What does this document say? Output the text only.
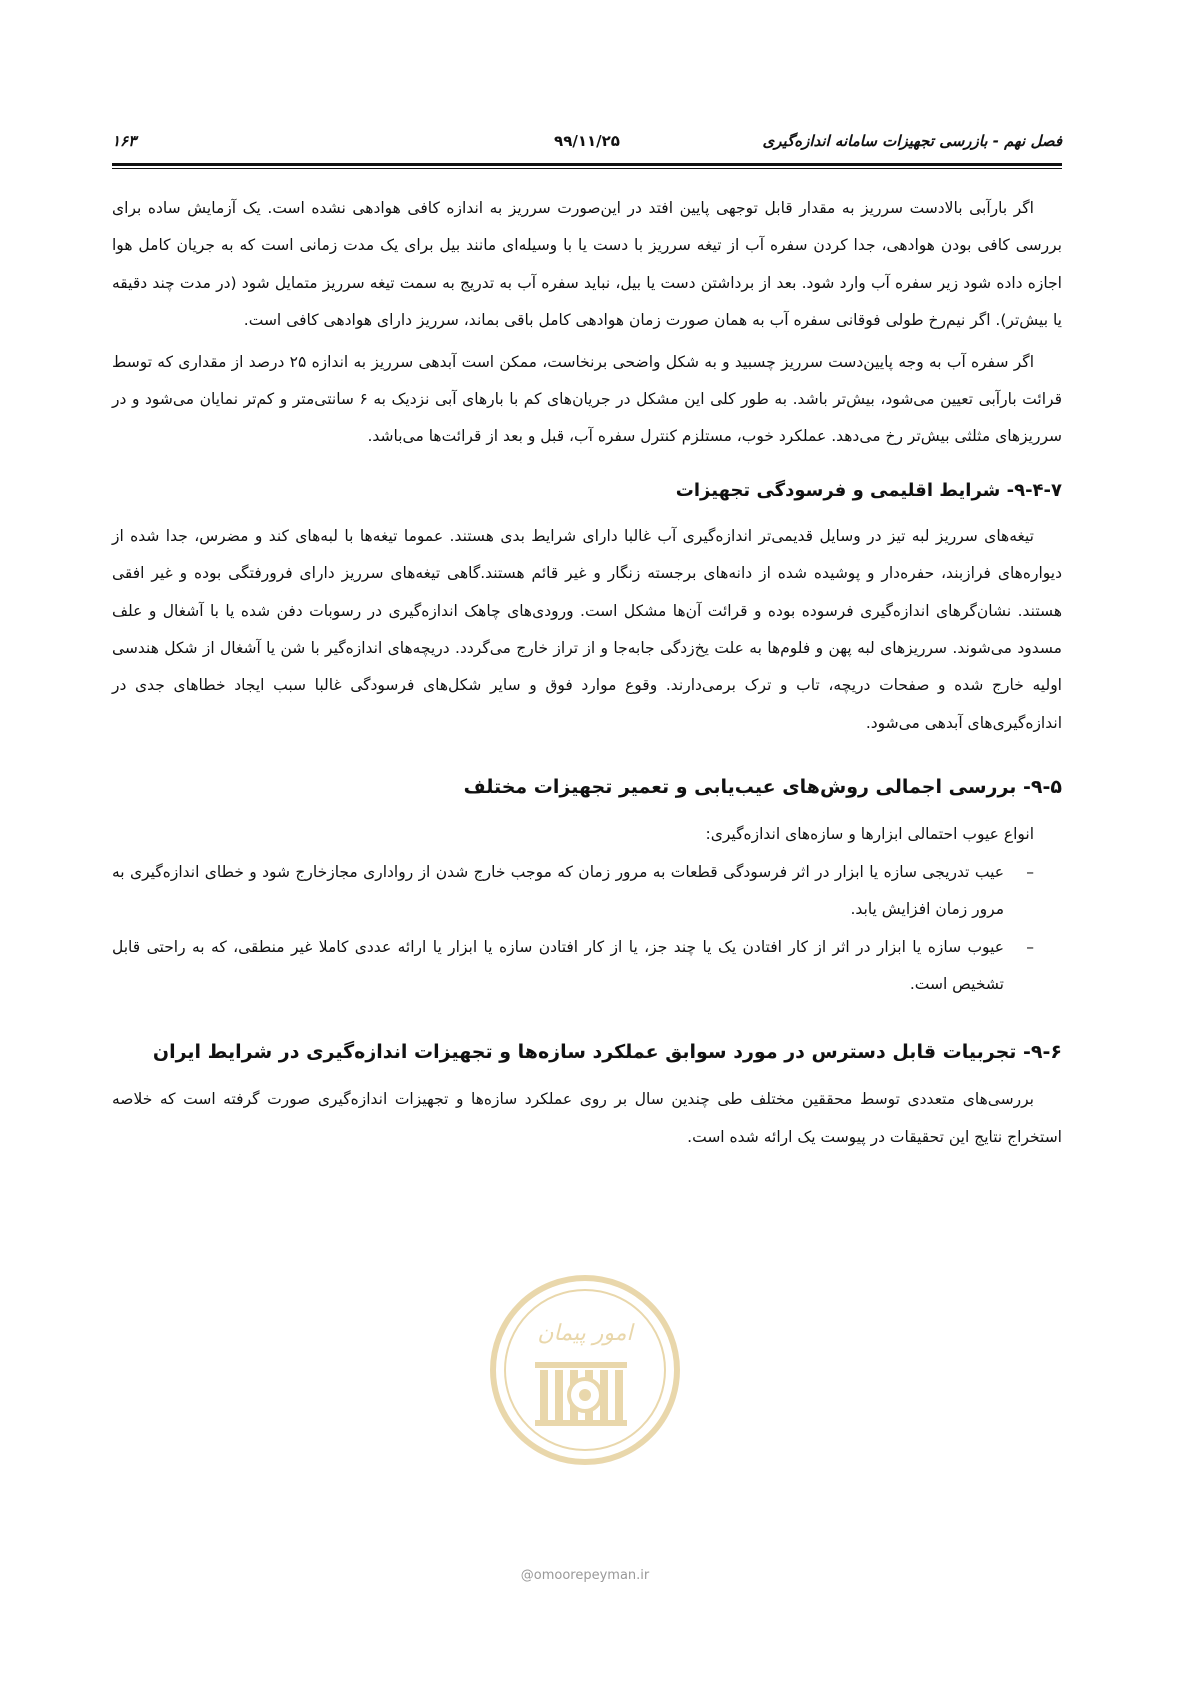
فصل نهم - بازرسی تجهیزات سامانه اندازه‌گیری
۹۹/۱۱/۲۵
۱۶۳

اگر بارآبی بالادست سرریز به مقدار قابل توجهی پایین افتد در این‌صورت سرریز به اندازه کافی هوادهی نشده است. یک آزمایش ساده برای بررسی کافی بودن هوادهی، جدا کردن سفره آب از تیغه سرریز با دست یا با وسیله‌ای مانند بیل برای یک مدت زمانی است که به جریان کامل هوا اجازه داده شود زیر سفره آب وارد شود. بعد از برداشتن دست یا بیل، نباید سفره آب به تدریج به سمت تیغه سرریز متمایل شود (در مدت چند دقیقه یا بیش‌تر). اگر نیم‌رخ طولی فوقانی سفره آب به همان صورت زمان هوادهی کامل باقی بماند، سرریز دارای هوادهی کافی است.

اگر سفره آب به وجه پایین‌دست سرریز چسبید و به شکل واضحی برنخاست، ممکن است آبدهی سرریز به اندازه ۲۵ درصد از مقداری که توسط قرائت بارآبی تعیین می‌شود، بیش‌تر باشد. به طور کلی این مشکل در جریان‌های کم با بارهای آبی نزدیک به ۶ سانتی‌متر و کم‌تر نمایان می‌شود و در سرریزهای مثلثی بیش‌تر رخ می‌دهد. عملکرد خوب، مستلزم کنترل سفره آب، قبل و بعد از قرائت‌ها می‌باشد.

۹-۴-۷- شرایط اقلیمی و فرسودگی تجهیزات

تیغه‌های سرریز لبه تیز در وسایل قدیمی‌تر اندازه‌گیری آب غالبا دارای شرایط بدی هستند. عموما تیغه‌ها با لبه‌های کند و مضرس، جدا شده از دیواره‌های فرازبند، حفره‌دار و پوشیده شده از دانه‌های برجسته زنگار و غیر قائم هستند.گاهی تیغه‌های سرریز دارای فرورفتگی بوده و غیر افقی هستند. نشان‌گرهای اندازه‌گیری فرسوده بوده و قرائت آن‌ها مشکل است. ورودی‌های چاهک اندازه‌گیری در رسوبات دفن شده یا با آشغال و علف مسدود می‌شوند. سرریزهای لبه پهن و فلوم‌ها به علت یخ‌زدگی جابه‌جا و از تراز خارج می‌گردد. دریچه‌های اندازه‌گیر با شن یا آشغال از شکل هندسی اولیه خارج شده و صفحات دریچه، تاب و ترک برمی‌دارند. وقوع موارد فوق و سایر شکل‌های فرسودگی غالبا سبب ایجاد خطاهای جدی در اندازه‌گیری‌های آبدهی می‌شود.

۹-۵- بررسی اجمالی روش‌های عیب‌یابی و تعمیر تجهیزات مختلف

انواع عیوب احتمالی ابزارها و سازه‌های اندازه‌گیری:

–
عیب تدریجی سازه یا ابزار در اثر فرسودگی قطعات به مرور زمان که موجب خارج شدن از رواداری مجازخارج شود و خطای اندازه‌گیری به مرور زمان افزایش یابد.
–
عیوب سازه یا ابزار در اثر از کار افتادن یک یا چند جز، یا از کار افتادن سازه یا ابزار یا ارائه عددی کاملا غیر منطقی، که به راحتی قابل تشخیص است.
۹-۶- تجربیات قابل دسترس در مورد سوابق عملکرد سازه‌ها و تجهیزات اندازه‌گیری در شرایط ایران

بررسی‌های متعددی توسط محققین مختلف طی چندین سال بر روی عملکرد سازه‌ها و تجهیزات اندازه‌گیری صورت گرفته است که خلاصه استخراج نتایج این تحقیقات در پیوست یک ارائه شده است.

امور پیمان
@omoorepeyman.ir
